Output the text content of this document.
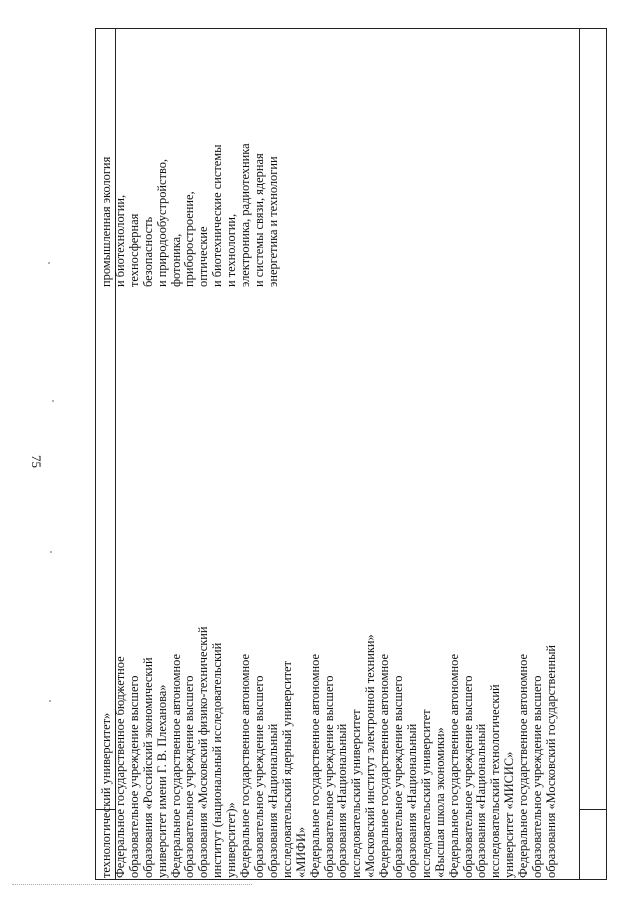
75
технологический университет» Федеральное государственное бюджетное образовательное учреждение высшего образования «Российский экономический университет имени Г. В. Плеханова» Федеральное государственное автономное образовательное учреждение высшего образования «Московский физико-технический институт (национальный исследовательский университет)» Федеральное государственное автономное образовательное учреждение высшего образования «Национальный исследовательский ядерный университет «МИФИ» Федеральное государственное автономное образовательное учреждение высшего образования «Национальный исследовательский университет «Московский институт электронной техники» Федеральное государственное автономное образовательное учреждение высшего образования «Национальный исследовательский университет «Высшая школа экономики» Федеральное государственное автономное образовательное учреждение высшего образования «Национальный исследовательский технологический университет «МИСИС» Федеральное государственное автономное образовательное учреждение высшего образования «Московский государственный
промышленная экология и биотехнологии, техносферная безопасность и природообустройство, фотоника, приборостроение, оптические и биотехнические системы и технологии, электроника, радиотехника и системы связи, ядерная энергетика и технологии
